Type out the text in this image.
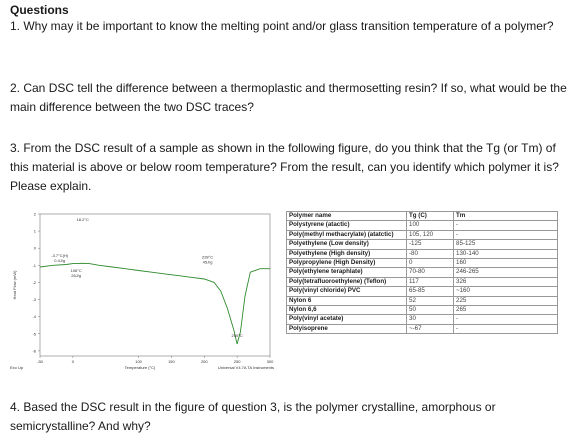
Questions
1. Why may it be important to know the melting point and/or glass transition temperature of a polymer?
2. Can DSC tell the difference between a thermoplastic and thermosetting resin? If so, what would be the main difference between the two DSC traces?
3. From the DSC result of a sample as shown in the following figure, do you think that the Tg (or Tm) of this material is above or below room temperature? From the result, can you identify which polymer it is? Please explain.
2
1
0
-1
-2
-3
-4
-5
-6
-50	0	100	150	200	250	300
Temperature (°C)
Heat Flow (mW)
Exo Up	Universal V4.7A TA Instruments
18.2°C
-3.7°C(H)
0.4J/g
106°C
26J/g
228°C
45J/g
250°C
Polymer name	Tg (C)	Tm
Polystyrene (atactic)	100	-
Poly(methyl methacrylate) (atatctic)	105, 120	-
Polyethylene (Low density)	-125	85-125
Polyethylene (High density)	-80	130-140
Polypropylene (High Density)	0	160
Poly(ethylene teraphlate)	70-80	246-265
Poly(tetrafluoroethylene) (Teflon)	117	326
Poly(vinyl chloride) PVC	65-85	~160
Nylon 6	52	225
Nylon 6,6	50	265
Poly(vinyl acetate)	30	-
Polyisoprene	~-67	-
4. Based the DSC result in the figure of question 3, is the polymer crystalline, amorphous or semicrystalline? And why?
